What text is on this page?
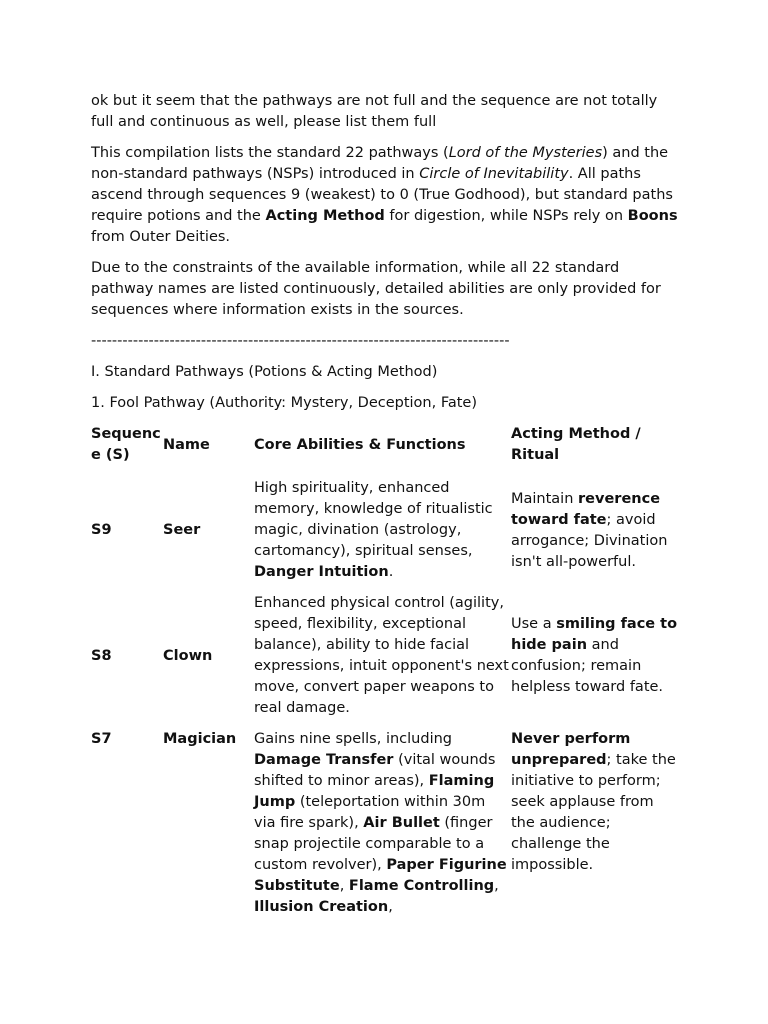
ok but it seem that the pathways are not full and the sequence are not totally full and continuous as well, please list them full

This compilation lists the standard 22 pathways (Lord of the Mysteries) and the non-standard pathways (NSPs) introduced in Circle of Inevitability. All paths ascend through sequences 9 (weakest) to 0 (True Godhood), but standard paths require potions and the Acting Method for digestion, while NSPs rely on Boons from Outer Deities.

Due to the constraints of the available information, while all 22 standard pathway names are listed continuously, detailed abilities are only provided for sequences where information exists in the sources.

--------------------------------------------------------------------------------

I. Standard Pathways (Potions & Acting Method)

1. Fool Pathway (Authority: Mystery, Deception, Fate)

Sequence (S)	Name	Core Abilities & Functions	Acting Method / Ritual
S9	Seer	High spirituality, enhanced memory, knowledge of ritualistic magic, divination (astrology, cartomancy), spiritual senses, Danger Intuition.	Maintain reverence toward fate; avoid arrogance; Divination isn't all-powerful.
S8	Clown	Enhanced physical control (agility, speed, flexibility, exceptional balance), ability to hide facial expressions, intuit opponent's next move, convert paper weapons to real damage.	Use a smiling face to hide pain and confusion; remain helpless toward fate.
S7	Magician	Gains nine spells, including Damage Transfer (vital wounds shifted to minor areas), Flaming Jump (teleportation within 30m via fire spark), Air Bullet (finger snap projectile comparable to a custom revolver), Paper Figurine Substitute, Flame Controlling, Illusion Creation,	Never perform unprepared; take the initiative to perform; seek applause from the audience; challenge the impossible.
